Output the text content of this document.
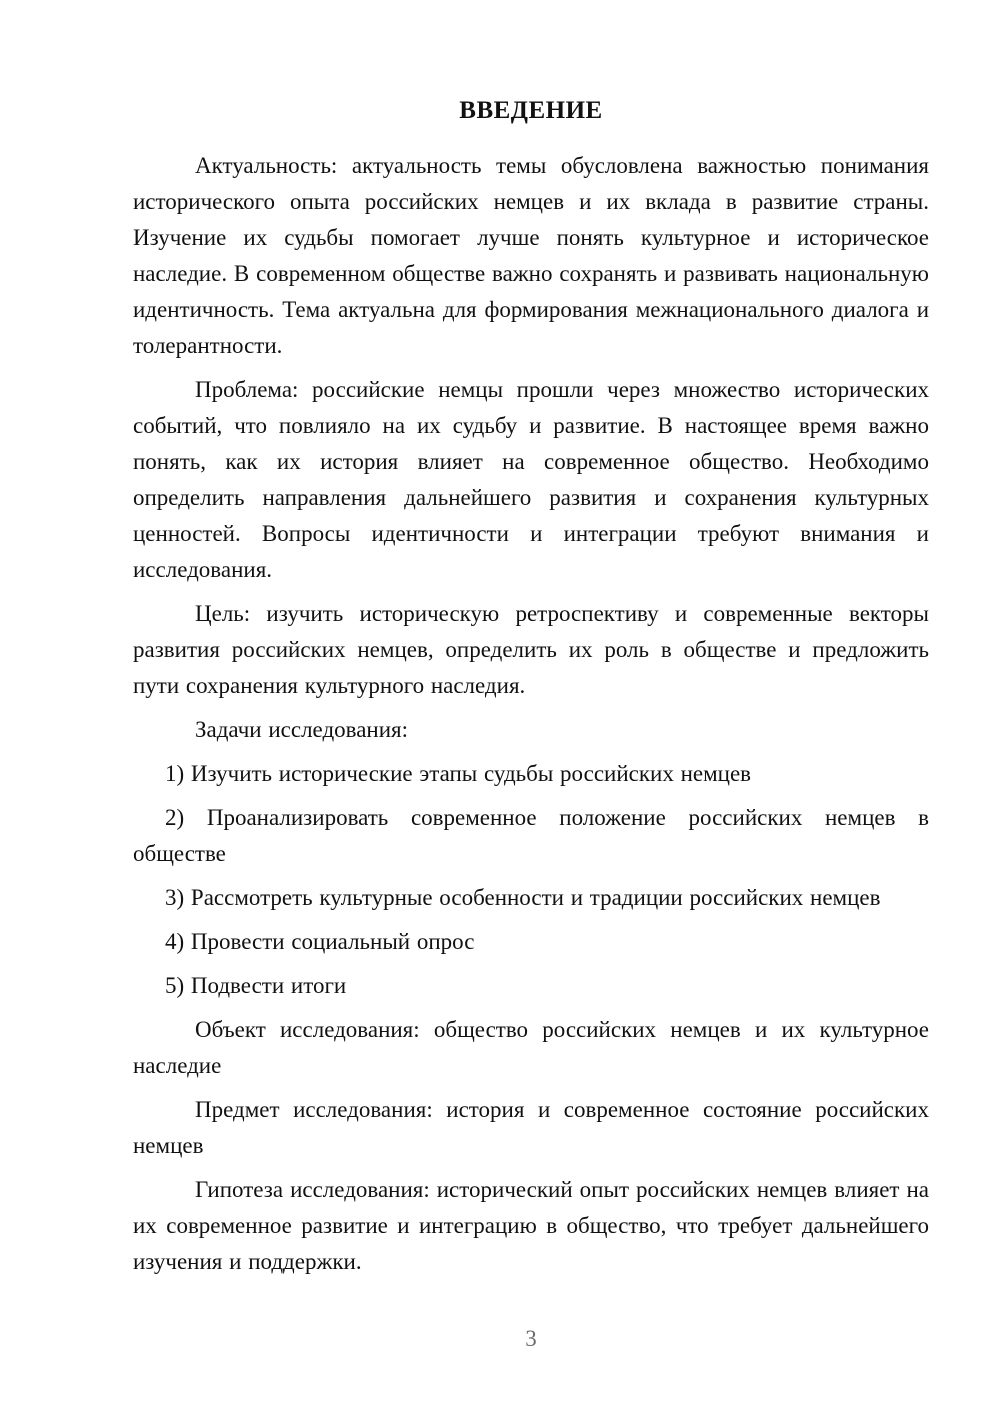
ВВЕДЕНИЕ

Актуальность: актуальность темы обусловлена важностью понимания исторического опыта российских немцев и их вклада в развитие страны. Изучение их судьбы помогает лучше понять культурное и историческое наследие. В современном обществе важно сохранять и развивать национальную идентичность. Тема актуальна для формирования межнационального диалога и толерантности.

Проблема: российские немцы прошли через множество исторических событий, что повлияло на их судьбу и развитие. В настоящее время важно понять, как их история влияет на современное общество. Необходимо определить направления дальнейшего развития и сохранения культурных ценностей. Вопросы идентичности и интеграции требуют внимания и исследования.

Цель: изучить историческую ретроспективу и современные векторы развития российских немцев, определить их роль в обществе и предложить пути сохранения культурного наследия.

Задачи исследования:

1) Изучить исторические этапы судьбы российских немцев

2) Проанализировать современное положение российских немцев в обществе

3) Рассмотреть культурные особенности и традиции российских немцев

4) Провести социальный опрос

5) Подвести итоги

Объект исследования: общество российских немцев и их культурное наследие

Предмет исследования: история и современное состояние российских немцев

Гипотеза исследования: исторический опыт российских немцев влияет на их современное развитие и интеграцию в общество, что требует дальнейшего изучения и поддержки.

3
